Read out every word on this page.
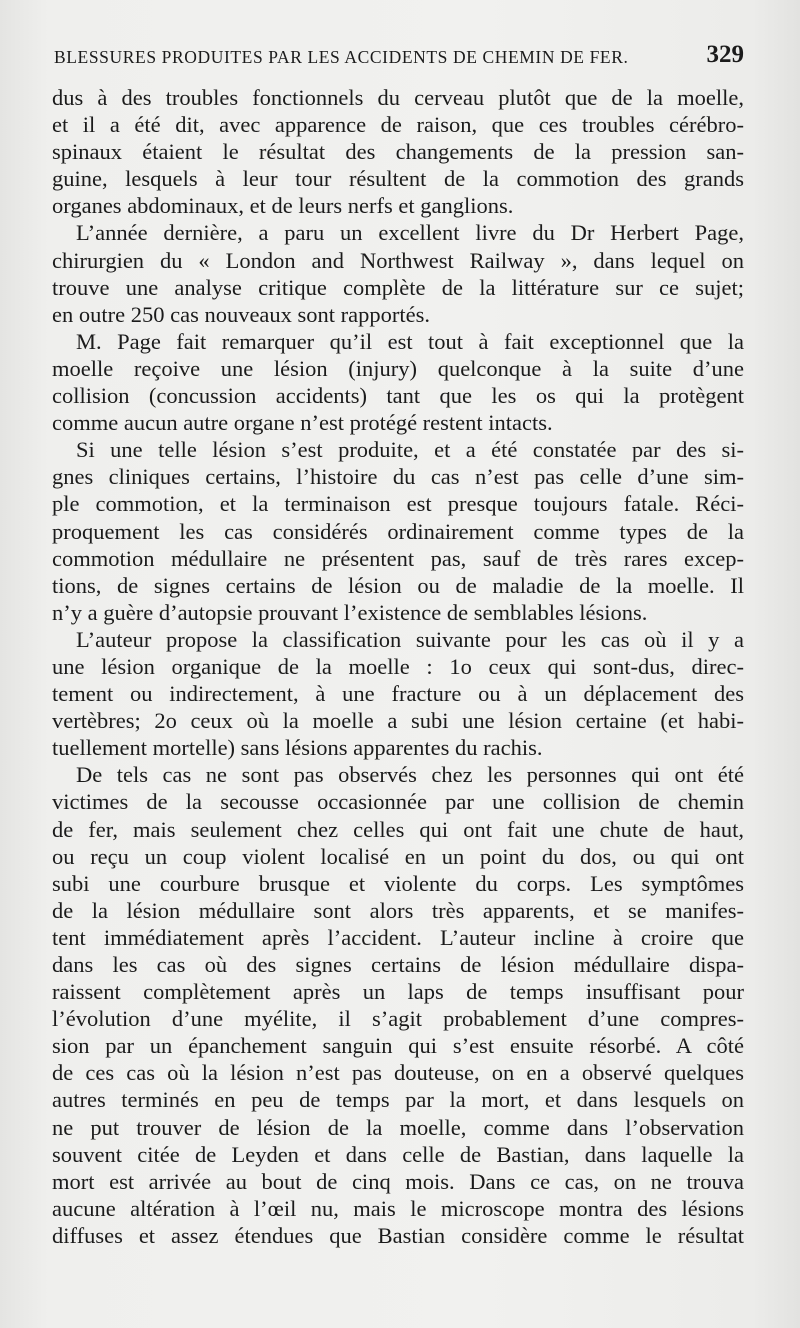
BLESSURES PRODUITES PAR LES ACCIDENTS DE CHEMIN DE FER.	329
dus à des troubles fonctionnels du cerveau plutôt que de la moelle,
et il a été dit, avec apparence de raison, que ces troubles cérébro-
spinaux étaient le résultat des changements de la pression san-
guine, lesquels à leur tour résultent de la commotion des grands
organes abdominaux, et de leurs nerfs et ganglions.
L’année dernière, a paru un excellent livre du Dr Herbert Page,
chirurgien du « London and Northwest Railway », dans lequel on
trouve une analyse critique complète de la littérature sur ce sujet;
en outre 250 cas nouveaux sont rapportés.
M. Page fait remarquer qu’il est tout à fait exceptionnel que la
moelle reçoive une lésion (injury) quelconque à la suite d’une
collision (concussion accidents) tant que les os qui la protègent
comme aucun autre organe n’est protégé restent intacts.
Si une telle lésion s’est produite, et a été constatée par des si-
gnes cliniques certains, l’histoire du cas n’est pas celle d’une sim-
ple commotion, et la terminaison est presque toujours fatale. Réci-
proquement les cas considérés ordinairement comme types de la
commotion médullaire ne présentent pas, sauf de très rares excep-
tions, de signes certains de lésion ou de maladie de la moelle. Il
n’y a guère d’autopsie prouvant l’existence de semblables lésions.
L’auteur propose la classification suivante pour les cas où il y a
une lésion organique de la moelle : 1o ceux qui sont-dus, direc-
tement ou indirectement, à une fracture ou à un déplacement des
vertèbres; 2o ceux où la moelle a subi une lésion certaine (et habi-
tuellement mortelle) sans lésions apparentes du rachis.
De tels cas ne sont pas observés chez les personnes qui ont été
victimes de la secousse occasionnée par une collision de chemin
de fer, mais seulement chez celles qui ont fait une chute de haut,
ou reçu un coup violent localisé en un point du dos, ou qui ont
subi une courbure brusque et violente du corps. Les symptômes
de la lésion médullaire sont alors très apparents, et se manifes-
tent immédiatement après l’accident. L’auteur incline à croire que
dans les cas où des signes certains de lésion médullaire dispa-
raissent complètement après un laps de temps insuffisant pour
l’évolution d’une myélite, il s’agit probablement d’une compres-
sion par un épanchement sanguin qui s’est ensuite résorbé. A côté
de ces cas où la lésion n’est pas douteuse, on en a observé quelques
autres terminés en peu de temps par la mort, et dans lesquels on
ne put trouver de lésion de la moelle, comme dans l’observation
souvent citée de Leyden et dans celle de Bastian, dans laquelle la
mort est arrivée au bout de cinq mois. Dans ce cas, on ne trouva
aucune altération à l’œil nu, mais le microscope montra des lésions
diffuses et assez étendues que Bastian considère comme le résultat
